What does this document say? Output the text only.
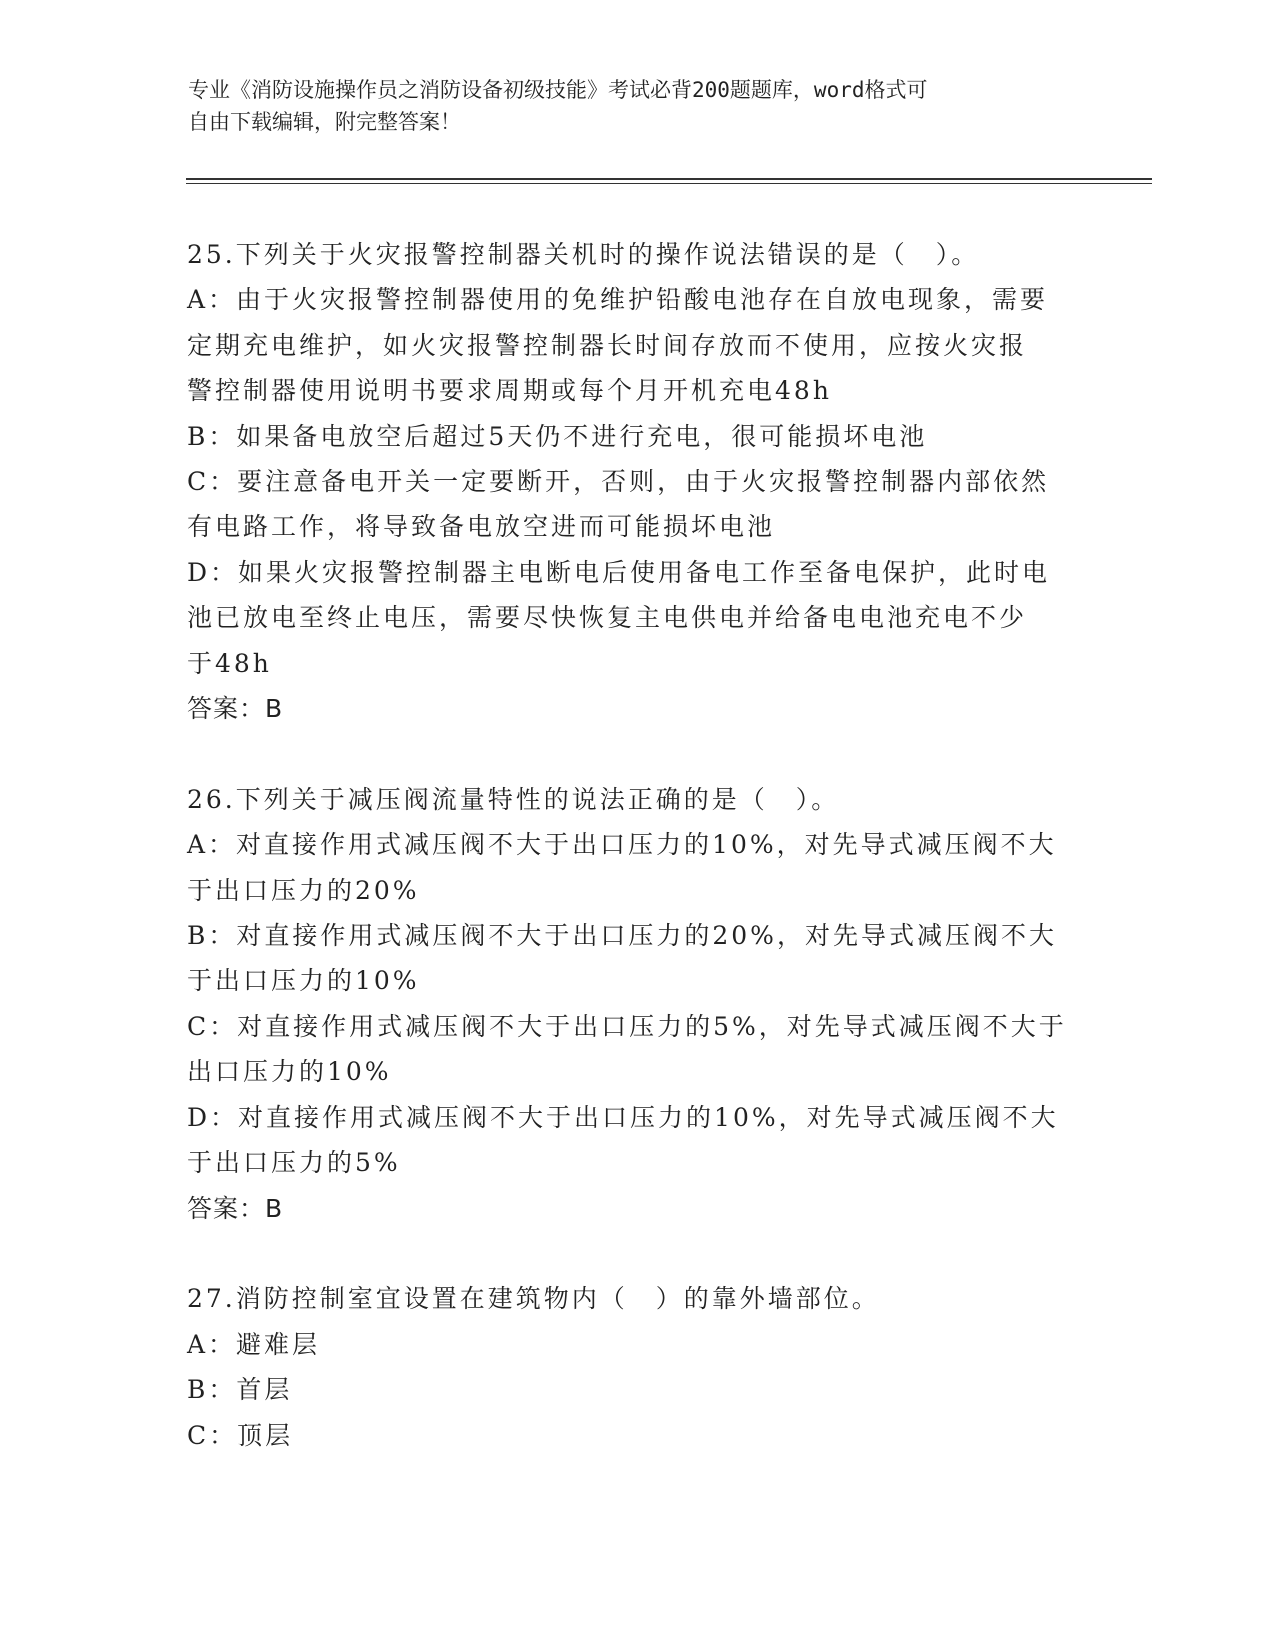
专业《消防设施操作员之消防设备初级技能》考试必背200题题库，word格式可
自由下载编辑，附完整答案！
25.下列关于火灾报警控制器关机时的操作说法错误的是（　）。
A：由于火灾报警控制器使用的免维护铅酸电池存在自放电现象，需要
定期充电维护，如火灾报警控制器长时间存放而不使用，应按火灾报
警控制器使用说明书要求周期或每个月开机充电48h
B：如果备电放空后超过5天仍不进行充电，很可能损坏电池
C：要注意备电开关一定要断开，否则，由于火灾报警控制器内部依然
有电路工作，将导致备电放空进而可能损坏电池
D：如果火灾报警控制器主电断电后使用备电工作至备电保护，此时电
池已放电至终止电压，需要尽快恢复主电供电并给备电电池充电不少
于48h
答案：B
26.下列关于减压阀流量特性的说法正确的是（　）。
A：对直接作用式减压阀不大于出口压力的10%，对先导式减压阀不大
于出口压力的20%
B：对直接作用式减压阀不大于出口压力的20%，对先导式减压阀不大
于出口压力的10%
C：对直接作用式减压阀不大于出口压力的5%，对先导式减压阀不大于
出口压力的10%
D：对直接作用式减压阀不大于出口压力的10%，对先导式减压阀不大
于出口压力的5%
答案：B
27.消防控制室宜设置在建筑物内（　）的靠外墙部位。
A：避难层
B：首层
C：顶层
